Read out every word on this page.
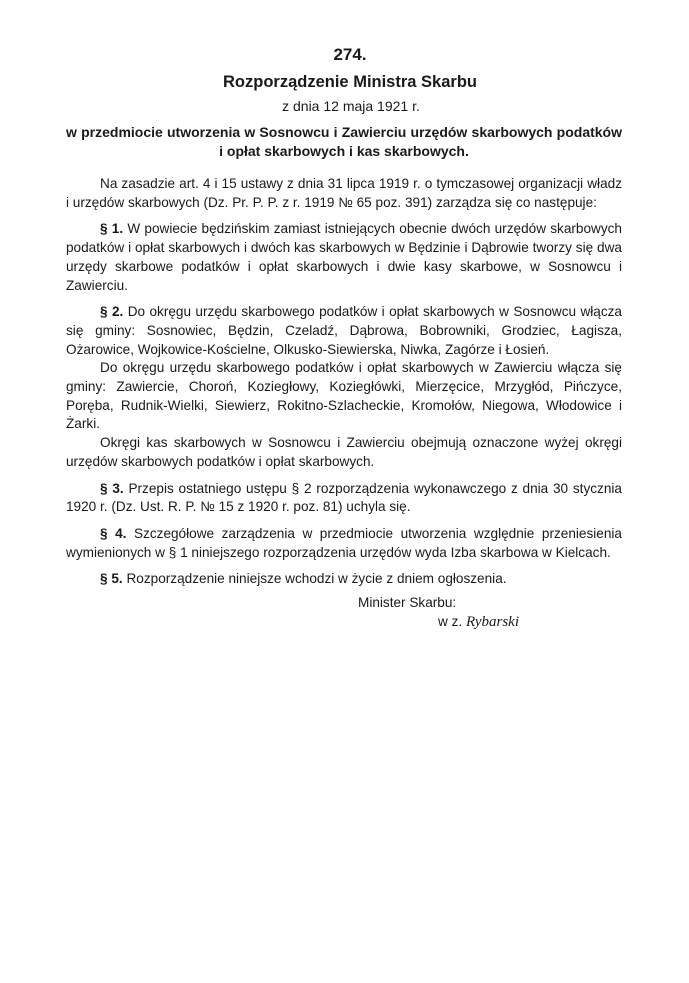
274.
Rozporządzenie Ministra Skarbu
z dnia 12 maja 1921 r.
w przedmiocie utworzenia w Sosnowcu i Zawierciu urzędów skarbowych podatków i opłat skarbowych i kas skarbowych.

Na zasadzie art. 4 i 15 ustawy z dnia 31 lipca 1919 r. o tymczasowej organizacji władz i urzędów skarbowych (Dz. Pr. P. P. z r. 1919 № 65 poz. 391) zarządza się co następuje:

§ 1. W powiecie będzińskim zamiast istniejących obecnie dwóch urzędów skarbowych podatków i opłat skarbowych i dwóch kas skarbowych w Będzinie i Dąbrowie tworzy się dwa urzędy skarbowe podatków i opłat skarbowych i dwie kasy skarbowe, w Sosnowcu i Zawierciu.

§ 2. Do okręgu urzędu skarbowego podatków i opłat skarbowych w Sosnowcu włącza się gminy: Sosnowiec, Będzin, Czeladź, Dąbrowa, Bobrowniki, Grodziec, Łagisza, Ożarowice, Wojkowice-Kościelne, Olkusko-Siewierska, Niwka, Zagórze i Łosień.

Do okręgu urzędu skarbowego podatków i opłat skarbowych w Zawierciu włącza się gminy: Zawiercie, Choroń, Koziegłowy, Koziegłówki, Mierzęcice, Mrzygłód, Pińczyce, Poręba, Rudnik-Wielki, Siewierz, Rokitno-Szlacheckie, Kromołów, Niegowa, Włodowice i Żarki.

Okręgi kas skarbowych w Sosnowcu i Zawierciu obejmują oznaczone wyżej okręgi urzędów skarbowych podatków i opłat skarbowych.

§ 3. Przepis ostatniego ustępu § 2 rozporządzenia wykonawczego z dnia 30 stycznia 1920 r. (Dz. Ust. R. P. № 15 z 1920 r. poz. 81) uchyla się.

§ 4. Szczegółowe zarządzenia w przedmiocie utworzenia względnie przeniesienia wymienionych w § 1 niniejszego rozporządzenia urzędów wyda Izba skarbowa w Kielcach.

§ 5. Rozporządzenie niniejsze wchodzi w życie z dniem ogłoszenia.

Minister Skarbu:
w z. Rybarski
